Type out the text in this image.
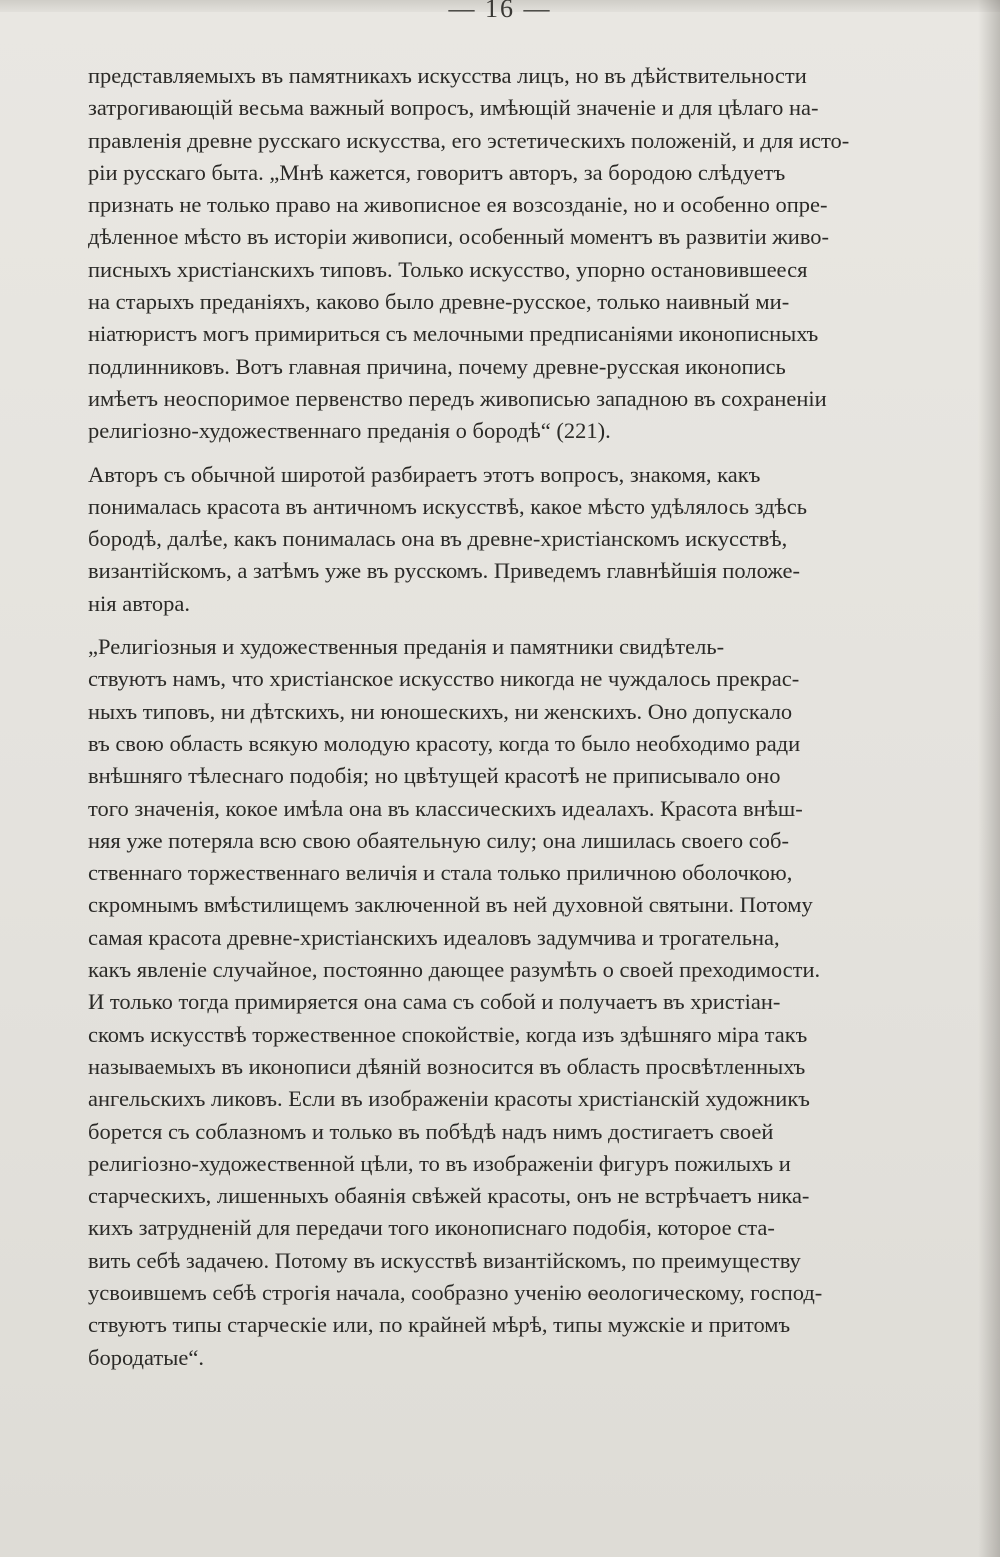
— 16 —

представляемыхъ въ памятникахъ искусства лицъ, но въ дѣйствительности
затрогивающій весьма важный вопросъ, имѣющій значеніе и для цѣлаго на-
правленія древне русскаго искусства, его эстетическихъ положеній, и для исто-
ріи русскаго быта. „Мнѣ кажется, говоритъ авторъ, за бородою слѣдуетъ
признать не только право на живописное ея возсозданіе, но и особенно опре-
дѣленное мѣсто въ исторіи живописи, особенный моментъ въ развитіи живо-
писныхъ христіанскихъ типовъ. Только искусство, упорно остановившееся
на старыхъ преданіяхъ, каково было древне-русское, только наивный ми-
ніатюристъ могъ примириться съ мелочными предписаніями иконописныхъ
подлинниковъ. Вотъ главная причина, почему древне-русская иконопись
имѣетъ неоспоримое первенство передъ живописью западною въ сохраненіи
религіозно-художественнаго преданія о бородѣ“ (221).

Авторъ съ обычной широтой разбираетъ этотъ вопросъ, знакомя, какъ
понималась красота въ античномъ искусствѣ, какое мѣсто удѣлялось здѣсь
бородѣ, далѣе, какъ понималась она въ древне-христіанскомъ искусствѣ,
византійскомъ, а затѣмъ уже въ русскомъ. Приведемъ главнѣйшія положе-
нія автора.

„Религіозныя и художественныя преданія и памятники свидѣтель-
ствуютъ намъ, что христіанское искусство никогда не чуждалось прекрас-
ныхъ типовъ, ни дѣтскихъ, ни юношескихъ, ни женскихъ. Оно допускало
въ свою область всякую молодую красоту, когда то было необходимо ради
внѣшняго тѣлеснаго подобія; но цвѣтущей красотѣ не приписывало оно
того значенія, кокое имѣла она въ классическихъ идеалахъ. Красота внѣш-
няя уже потеряла всю свою обаятельную силу; она лишилась своего соб-
ственнаго торжественнаго величія и стала только приличною оболочкою,
скромнымъ вмѣстилищемъ заключенной въ ней духовной святыни. Потому
самая красота древне-христіанскихъ идеаловъ задумчива и трогательна,
какъ явленіе случайное, постоянно дающее разумѣть о своей преходимости.
И только тогда примиряется она сама съ собой и получаетъ въ христіан-
скомъ искусствѣ торжественное спокойствіе, когда изъ здѣшняго міра такъ
называемыхъ въ иконописи дѣяній возносится въ область просвѣтленныхъ
ангельскихъ ликовъ. Если въ изображеніи красоты христіанскій художникъ
борется съ соблазномъ и только въ побѣдѣ надъ нимъ достигаетъ своей
религіозно-художественной цѣли, то въ изображеніи фигуръ пожилыхъ и
старческихъ, лишенныхъ обаянія свѣжей красоты, онъ не встрѣчаетъ ника-
кихъ затрудненій для передачи того иконописнаго подобія, которое ста-
вить себѣ задачею. Потому въ искусствѣ византійскомъ, по преимуществу
усвоившемъ себѣ строгія начала, сообразно ученію ѳеологическому, господ-
ствуютъ типы старческіе или, по крайней мѣрѣ, типы мужскіе и притомъ
бородатые“.
